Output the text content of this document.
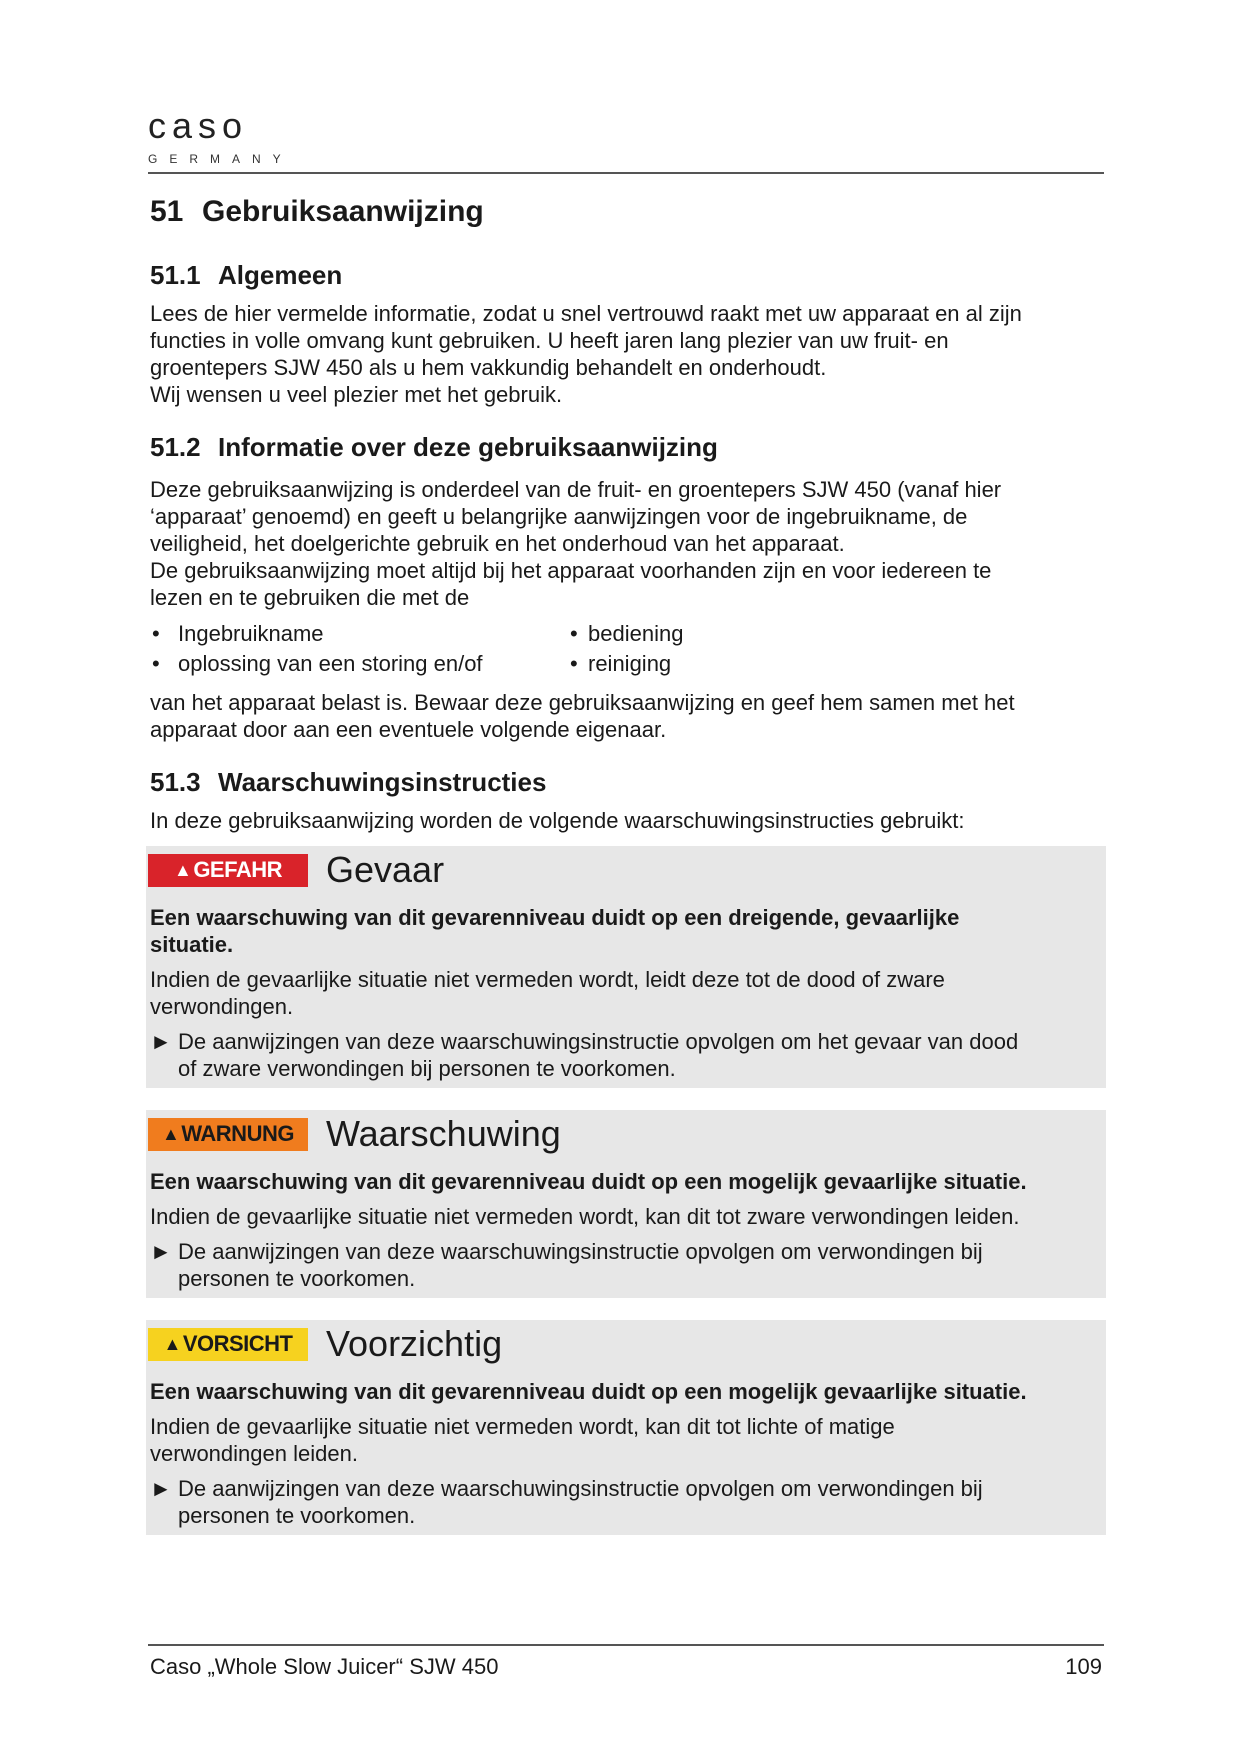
caso
GERMANY
51 Gebruiksaanwijzing
51.1 Algemeen

Lees de hier vermelde informatie, zodat u snel vertrouwd raakt met uw apparaat en al zijn

functies in volle omvang kunt gebruiken. U heeft jaren lang plezier van uw fruit- en

groentepers SJW 450 als u hem vakkundig behandelt en onderhoudt.

Wij wensen u veel plezier met het gebruik.

51.2 Informatie over deze gebruiksaanwijzing

Deze gebruiksaanwijzing is onderdeel van de fruit- en groentepers SJW 450 (vanaf hier

‘apparaat’ genoemd) en geeft u belangrijke aanwijzingen voor de ingebruikname, de

veiligheid, het doelgerichte gebruik en het onderhoud van het apparaat.

De gebruiksaanwijzing moet altijd bij het apparaat voorhanden zijn en voor iedereen te

lezen en te gebruiken die met de

• Ingebruikname	• bediening
• oplossing van een storing en/of	• reiniging

van het apparaat belast is. Bewaar deze gebruiksaanwijzing en geef hem samen met het

apparaat door aan een eventuele volgende eigenaar.

51.3 Waarschuwingsinstructies

In deze gebruiksaanwijzing worden de volgende waarschuwingsinstructies gebruikt:

▲ GEFAHR Gevaar
Een waarschuwing van dit gevarenniveau duidt op een dreigende, gevaarlijke
situatie.
Indien de gevaarlijke situatie niet vermeden wordt, leidt deze tot de dood of zware
verwondingen.
► De aanwijzingen van deze waarschuwingsinstructie opvolgen om het gevaar van dood
of zware verwondingen bij personen te voorkomen.
▲ WARNUNG Waarschuwing
Een waarschuwing van dit gevarenniveau duidt op een mogelijk gevaarlijke situatie.
Indien de gevaarlijke situatie niet vermeden wordt, kan dit tot zware verwondingen leiden.
► De aanwijzingen van deze waarschuwingsinstructie opvolgen om verwondingen bij
personen te voorkomen.
▲ VORSICHT Voorzichtig
Een waarschuwing van dit gevarenniveau duidt op een mogelijk gevaarlijke situatie.
Indien de gevaarlijke situatie niet vermeden wordt, kan dit tot lichte of matige
verwondingen leiden.
► De aanwijzingen van deze waarschuwingsinstructie opvolgen om verwondingen bij
personen te voorkomen.
Caso „Whole Slow Juicer“ SJW 450	109
